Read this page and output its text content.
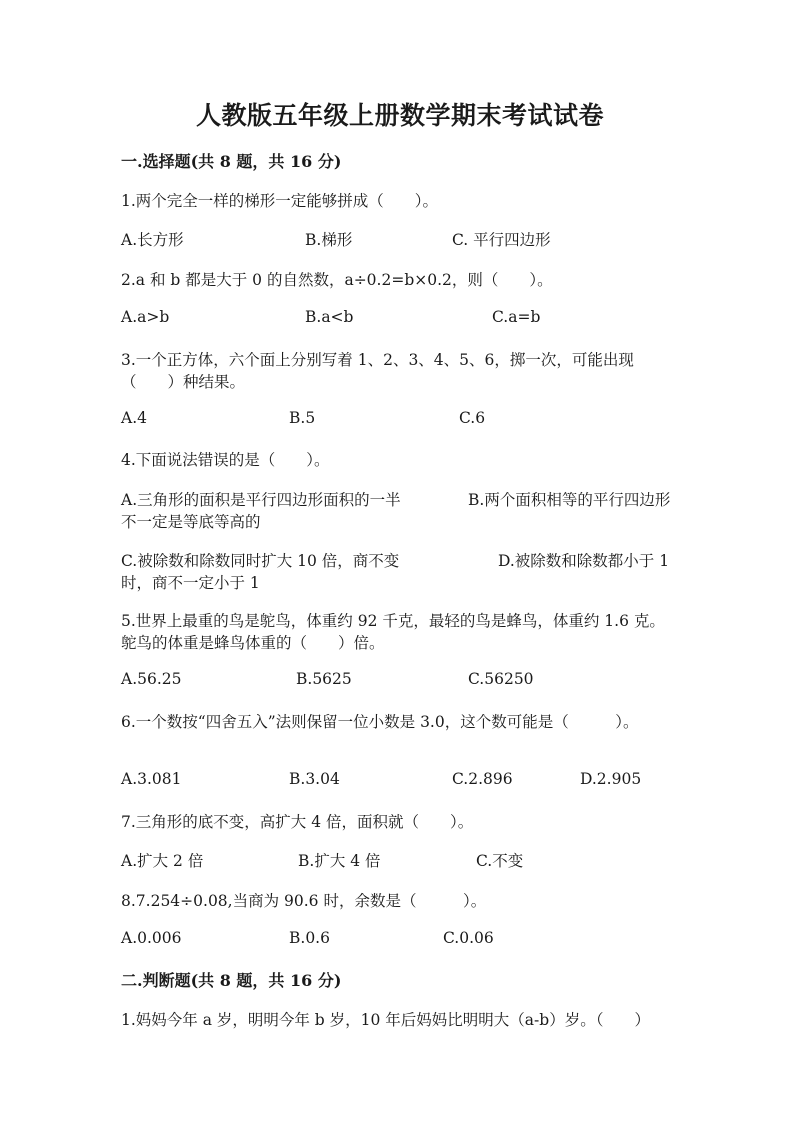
人教版五年级上册数学期末考试试卷
一.选择题(共 8 题，共 16 分)
1.两个完全一样的梯形一定能够拼成（　　）。
A.长方形	B.梯形	C. 平行四边形
2.a 和 b 都是大于 0 的自然数，a÷0.2=b×0.2，则（　　）。
A.a>b	B.a<b	C.a=b
3.一个正方体，六个面上分别写着 1、2、3、4、5、6，掷一次，可能出现
（　　）种结果。
A.4	B.5	C.6
4.下面说法错误的是（　　）。
A.三角形的面积是平行四边形面积的一半	B.两个面积相等的平行四边形
不一定是等底等高的
C.被除数和除数同时扩大 10 倍，商不变	D.被除数和除数都小于 1
时，商不一定小于 1
5.世界上最重的鸟是鸵鸟，体重约 92 千克，最轻的鸟是蜂鸟，体重约 1.6 克。
鸵鸟的体重是蜂鸟体重的（　　）倍。
A.56.25	B.5625	C.56250
6.一个数按“四舍五入”法则保留一位小数是 3.0，这个数可能是（　　　）。
A.3.081	B.3.04	C.2.896	D.2.905
7.三角形的底不变，高扩大 4 倍，面积就（　　）。
A.扩大 2 倍	B.扩大 4 倍	C.不变
8.7.254÷0.08,当商为 90.6 时，余数是（　　　）。
A.0.006	B.0.6	C.0.06
二.判断题(共 8 题，共 16 分)
1.妈妈今年 a 岁，明明今年 b 岁，10 年后妈妈比明明大（a-b）岁。（　　）
